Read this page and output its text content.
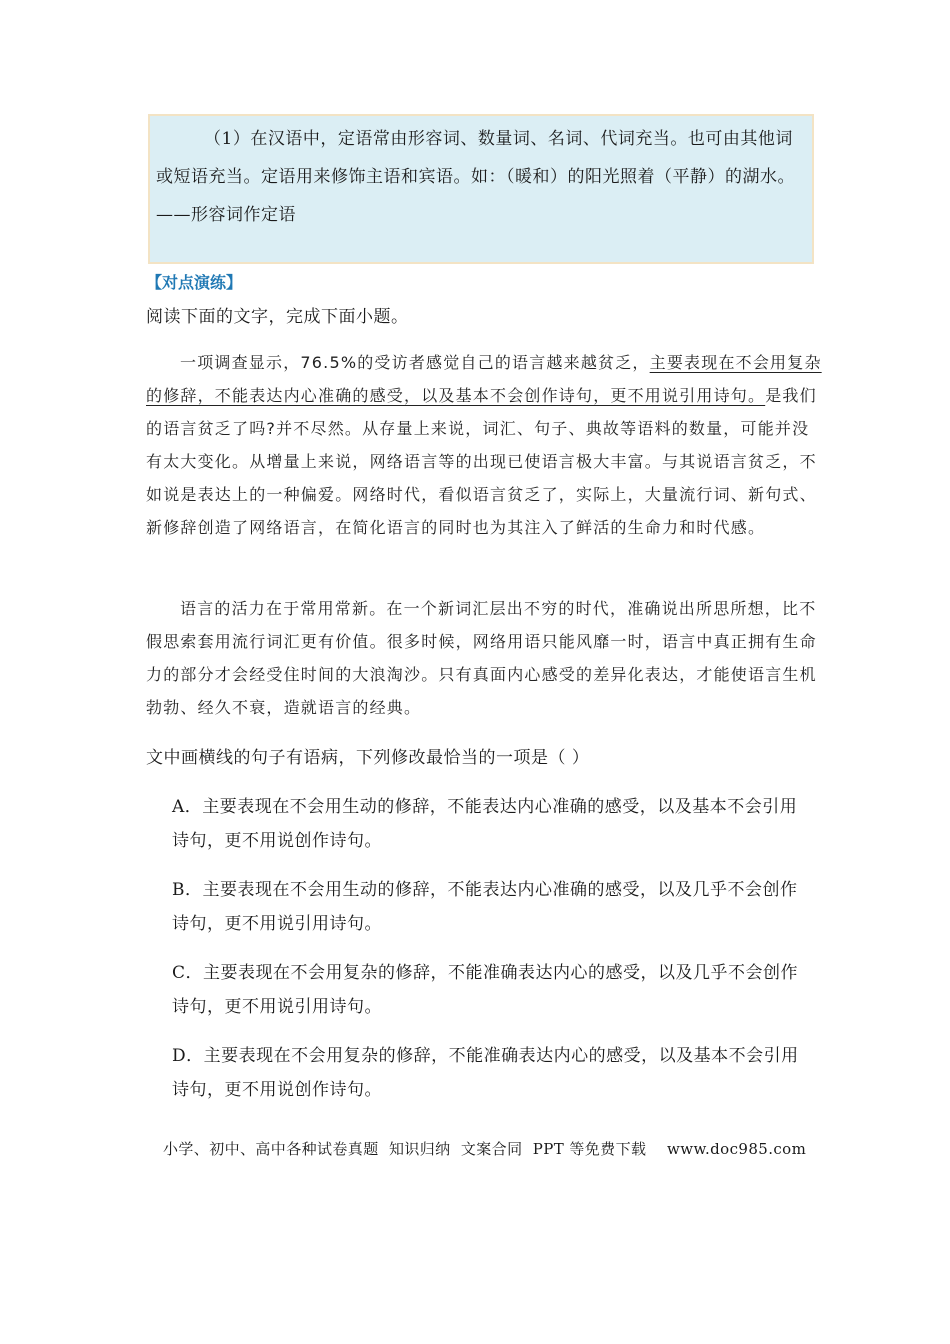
（1）在汉语中，定语常由形容词、数量词、名词、代词充当。也可由其他词或短语充当。定语用来修饰主语和宾语。如：（暖和）的阳光照着（平静）的湖水。——形容词作定语

【对点演练】
阅读下面的文字，完成下面小题。

一项调查显示，76.5%的受访者感觉自己的语言越来越贫乏，主要表现在不会用复杂的修辞，不能表达内心准确的感受，以及基本不会创作诗句，更不用说引用诗句。是我们的语言贫乏了吗?并不尽然。从存量上来说，词汇、句子、典故等语料的数量，可能并没有太大变化。从增量上来说，网络语言等的出现已使语言极大丰富。与其说语言贫乏，不如说是表达上的一种偏爱。网络时代，看似语言贫乏了，实际上，大量流行词、新句式、新修辞创造了网络语言，在简化语言的同时也为其注入了鲜活的生命力和时代感。

语言的活力在于常用常新。在一个新词汇层出不穷的时代，准确说出所思所想，比不假思索套用流行词汇更有价值。很多时候，网络用语只能风靡一时，语言中真正拥有生命力的部分才会经受住时间的大浪淘沙。只有真面内心感受的差异化表达，才能使语言生机勃勃、经久不衰，造就语言的经典。

文中画横线的句子有语病，下列修改最恰当的一项是（ ）

A．主要表现在不会用生动的修辞，不能表达内心准确的感受，以及基本不会引用诗句，更不用说创作诗句。

B．主要表现在不会用生动的修辞，不能表达内心准确的感受，以及几乎不会创作诗句，更不用说引用诗句。

C．主要表现在不会用复杂的修辞，不能准确表达内心的感受，以及几乎不会创作诗句，更不用说引用诗句。

D．主要表现在不会用复杂的修辞，不能准确表达内心的感受，以及基本不会引用诗句，更不用说创作诗句。

小学、初中、高中各种试卷真题  知识归纳  文案合同  PPT 等免费下载    www.doc985.com
